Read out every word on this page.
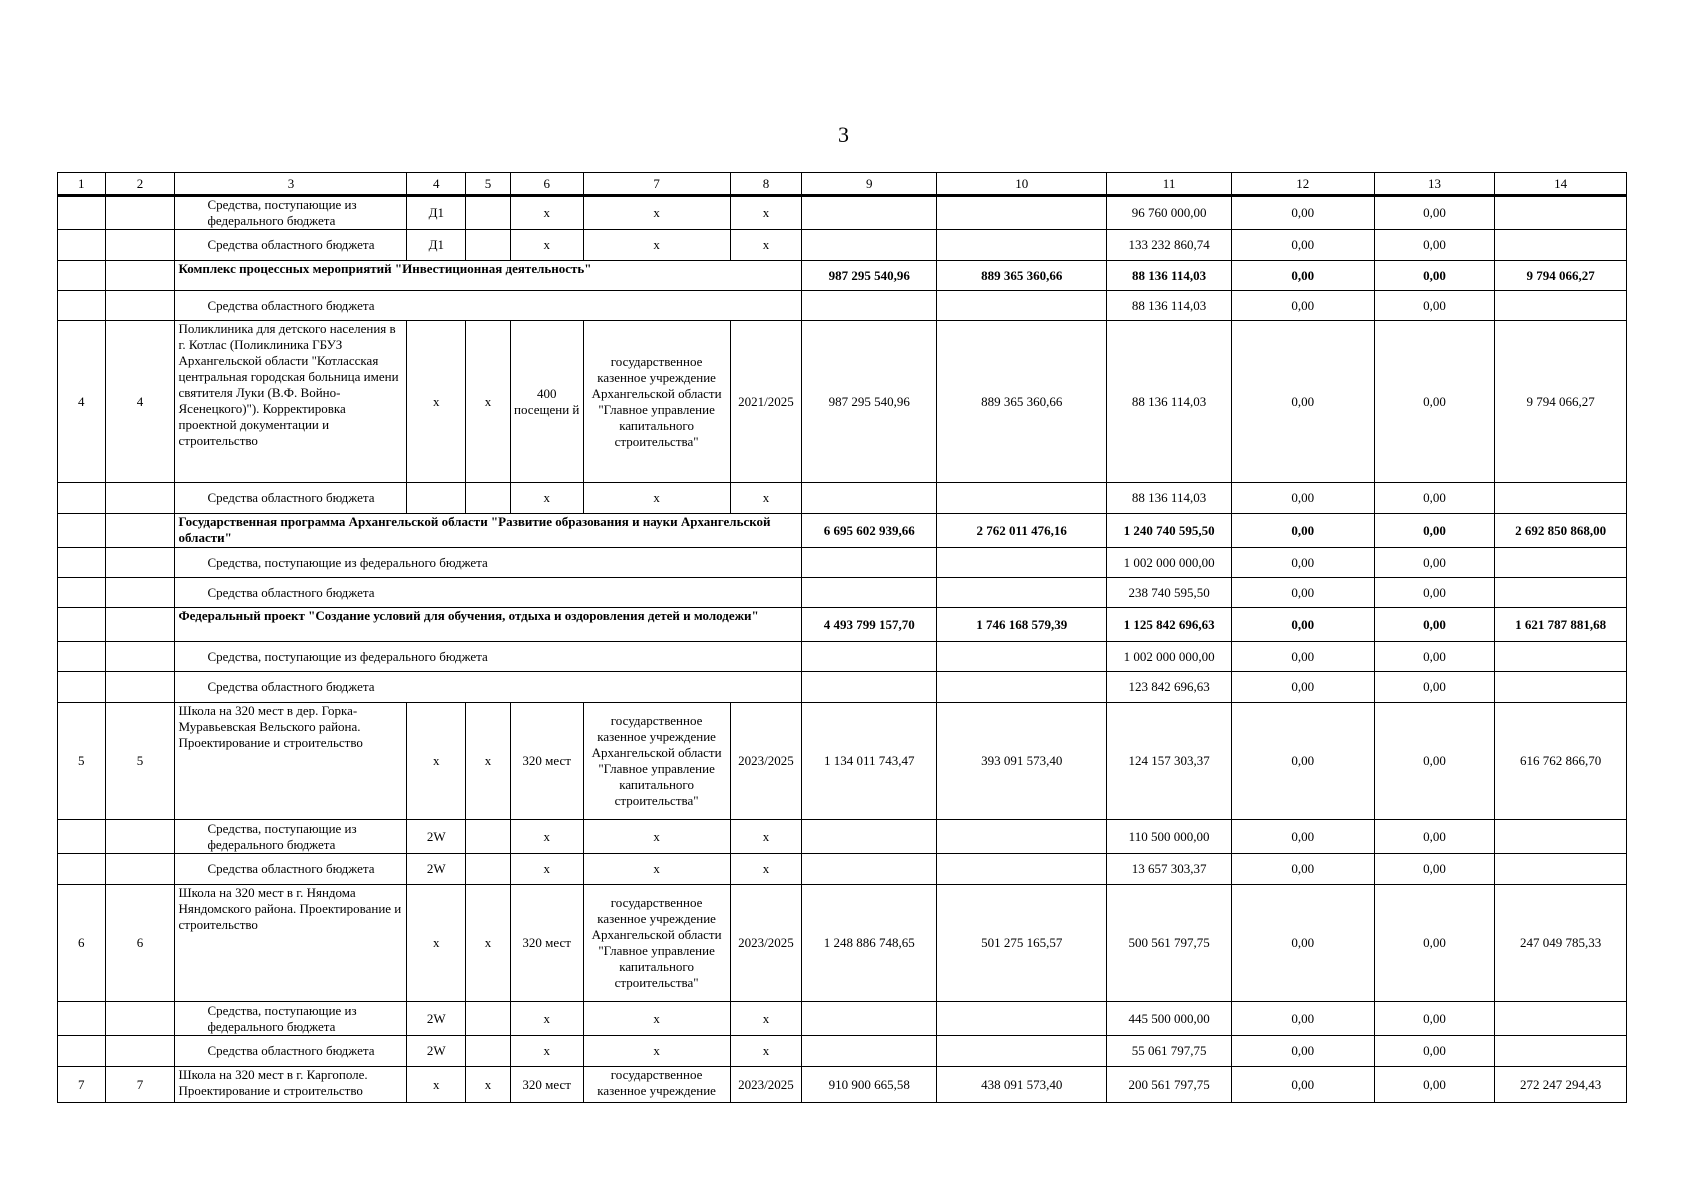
3
1	2	3	4	5	6	7	8	9	10	11	12	13	14
		Средства, поступающие из федерального бюджета	Д1		х	х	х			96 760 000,00	0,00	0,00	
		Средства областного бюджета	Д1		х	х	х			133 232 860,74	0,00	0,00	
		Комплекс процессных мероприятий "Инвестиционная деятельность"						987 295 540,96	889 365 360,66	88 136 114,03	0,00	0,00	9 794 066,27
		Средства областного бюджета								88 136 114,03	0,00	0,00	
4	4	Поликлиника для детского населения в г. Котлас (Поликлиника ГБУЗ Архангельской области "Котласская центральная городская больница имени святителя Луки (В.Ф. Войно-Ясенецкого)"). Корректировка проектной документации и строительство	х	х	400 посещени й	государственное казенное учреждение Архангельской области "Главное управление капитального строительства"	2021/2025	987 295 540,96	889 365 360,66	88 136 114,03	0,00	0,00	9 794 066,27
		Средства областного бюджета			х	х	х			88 136 114,03	0,00	0,00	
		Государственная программа Архангельской области "Развитие образования и науки Архангельской области"						6 695 602 939,66	2 762 011 476,16	1 240 740 595,50	0,00	0,00	2 692 850 868,00
		Средства, поступающие из федерального бюджета								1 002 000 000,00	0,00	0,00	
		Средства областного бюджета								238 740 595,50	0,00	0,00	
		Федеральный проект "Создание условий для обучения, отдыха и оздоровления детей и молодежи"						4 493 799 157,70	1 746 168 579,39	1 125 842 696,63	0,00	0,00	1 621 787 881,68
		Средства, поступающие из федерального бюджета								1 002 000 000,00	0,00	0,00	
		Средства областного бюджета								123 842 696,63	0,00	0,00	
5	5	Школа на 320 мест в дер. Горка-Муравьевская Вельского района. Проектирование и строительство	х	х	320 мест	государственное казенное учреждение Архангельской области "Главное управление капитального строительства"	2023/2025	1 134 011 743,47	393 091 573,40	124 157 303,37	0,00	0,00	616 762 866,70
		Средства, поступающие из федерального бюджета	2W		х	х	х			110 500 000,00	0,00	0,00	
		Средства областного бюджета	2W		х	х	х			13 657 303,37	0,00	0,00	
6	6	Школа на 320 мест в г. Няндома Няндомского района. Проектирование и строительство	х	х	320 мест	государственное казенное учреждение Архангельской области "Главное управление капитального строительства"	2023/2025	1 248 886 748,65	501 275 165,57	500 561 797,75	0,00	0,00	247 049 785,33
		Средства, поступающие из федерального бюджета	2W		х	х	х			445 500 000,00	0,00	0,00	
		Средства областного бюджета	2W		х	х	х			55 061 797,75	0,00	0,00	
7	7	Школа на 320 мест в г. Каргополе. Проектирование и строительство	х	х	320 мест	государственное казенное учреждение	2023/2025	910 900 665,58	438 091 573,40	200 561 797,75	0,00	0,00	272 247 294,43
